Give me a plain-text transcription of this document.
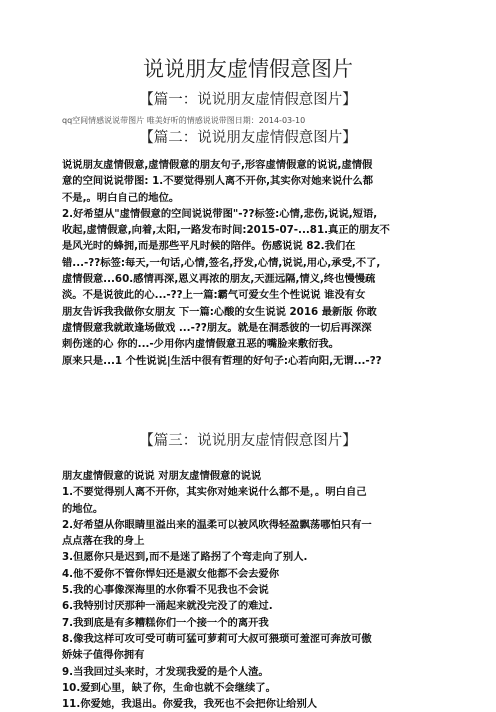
说说朋友虚情假意图片
【篇一：说说朋友虚情假意图片】
qq空间情感说说带图片 唯美好听的情感说说带图日期：2014-03-10
【篇二：说说朋友虚情假意图片】
说说朋友虚情假意,虚情假意的朋友句子,形容虚情假意的说说,虚情假
意的空间说说带图: 1.不要觉得别人离不开你,其实你对她来说什么都
不是,。明白自己的地位。
2.好希望从"虚情假意的空间说说带图"-??标签:心情,悲伤,说说,短语,
收起,虚情假意,向着,太阳,一路发布时间:2015-07-...81.真正的朋友不
是风光时的蜂拥,而是那些平凡时候的陪伴。伤感说说 82.我们在
错...-??标签:每天,一句话,心情,签名,抒发,心情,说说,用心,承受,不了,
虚情假意...60.感情再深,恩义再浓的朋友,天涯远隔,情义,终也慢慢疏
淡。不是说彼此的心...-??上一篇:霸气可爱女生个性说说 谁没有女
朋友告诉我我做你女朋友 下一篇:心酸的女生说说 2016 最新版 你敢
虚情假意我就敢逢场做戏 ...-??朋友。就是在洞悉彼的一切后再深深
刺伤迷的心 你的...-少用你内虚情假意丑恶的嘴脸来敷衍我。
原来只是...1 个性说说|生活中很有哲理的好句子:心若向阳,无谓...-??
【篇三：说说朋友虚情假意图片】
朋友虚情假意的说说 对朋友虚情假意的说说
1.不要觉得别人离不开你，其实你对她来说什么都不是，。明白自己
的地位。
2.好希望从你眼睛里溢出来的温柔可以被风吹得轻盈飘荡哪怕只有一
点点落在我的身上
3.但愿你只是迟到,而不是迷了路拐了个弯走向了别人.
4.他不爱你不管你悍妇还是淑女他都不会去爱你
5.我的心事像深海里的水你看不见我也不会说
6.我特别讨厌那种一涌起来就没完没了的难过.
7.我到底是有多糟糕你们一个接一个的离开我
8.像我这样可攻可受可萌可猛可萝莉可大叔可猥琐可羞涩可奔放可傲
娇妹子值得你拥有
9.当我回过头来时，才发现我爱的是个人渣。
10.爱到心里，缺了你，生命也就不会继续了。
11.你爱她，我退出。你爱我，我死也不会把你让给别人
